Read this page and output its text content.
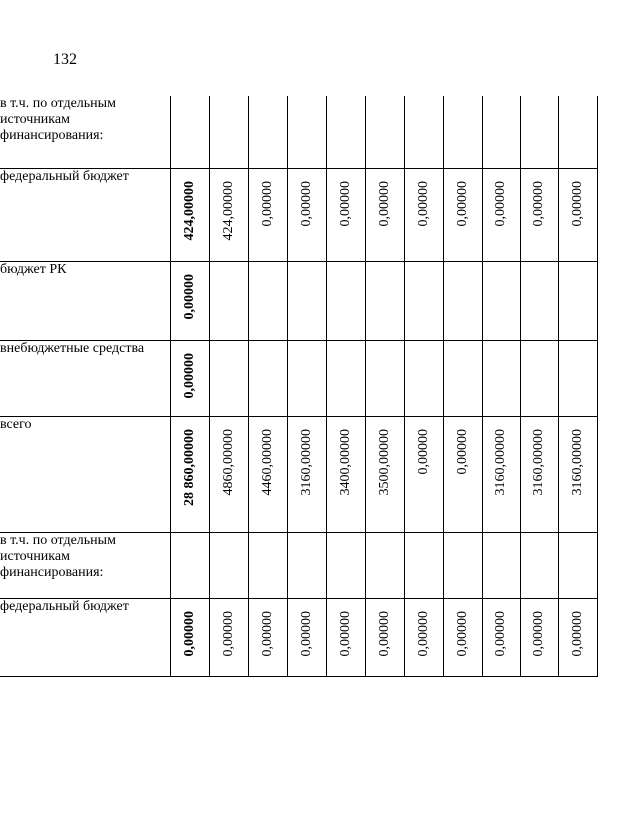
132
в т.ч. по отдельным источникам финансирования:	

федеральный бюджет	424,00000	424,00000	0,00000	0,00000	0,00000	0,00000	0,00000	0,00000	0,00000	0,00000	0,00000

бюджет РК	0,00000										

внебюджетные средства	0,00000										

всего	28 860,00000	4860,00000	4460,00000	3160,00000	3400,00000	3500,00000	0,00000	0,00000	3160,00000	3160,00000	3160,00000

в т.ч. по отдельным источникам финансирования:	

федеральный бюджет	0,00000	0,00000	0,00000	0,00000	0,00000	0,00000	0,00000	0,00000	0,00000	0,00000	0,00000
